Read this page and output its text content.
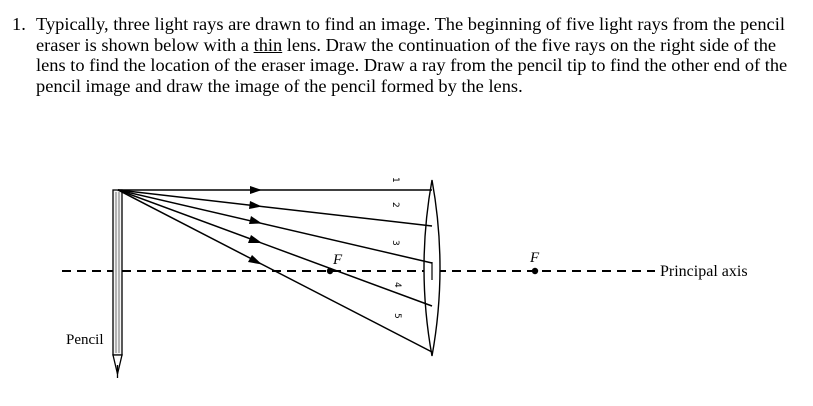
1. Typically, three light rays are drawn to find an image. The beginning of five light rays from the pencil eraser is shown below with a thin lens. Draw the continuation of the five rays on the right side of the lens to find the location of the eraser image. Draw a ray from the pencil tip to find the other end of the pencil image and draw the image of the pencil formed by the lens.
F	F
Principal axis
Pencil
1
2
3
4
5
